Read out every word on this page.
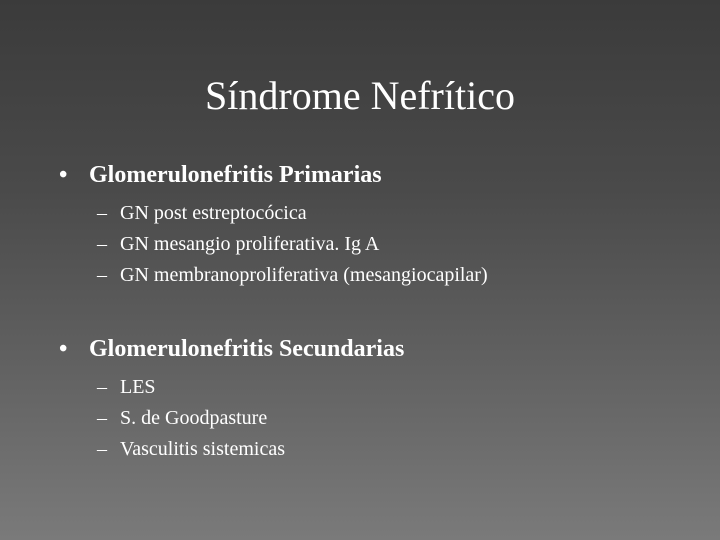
Síndrome Nefrítico
• Glomerulonefritis Primarias
– GN post estreptocócica
– GN mesangio proliferativa. Ig A
– GN membranoproliferativa (mesangiocapilar)
• Glomerulonefritis Secundarias
– LES
– S. de Goodpasture
– Vasculitis sistemicas
